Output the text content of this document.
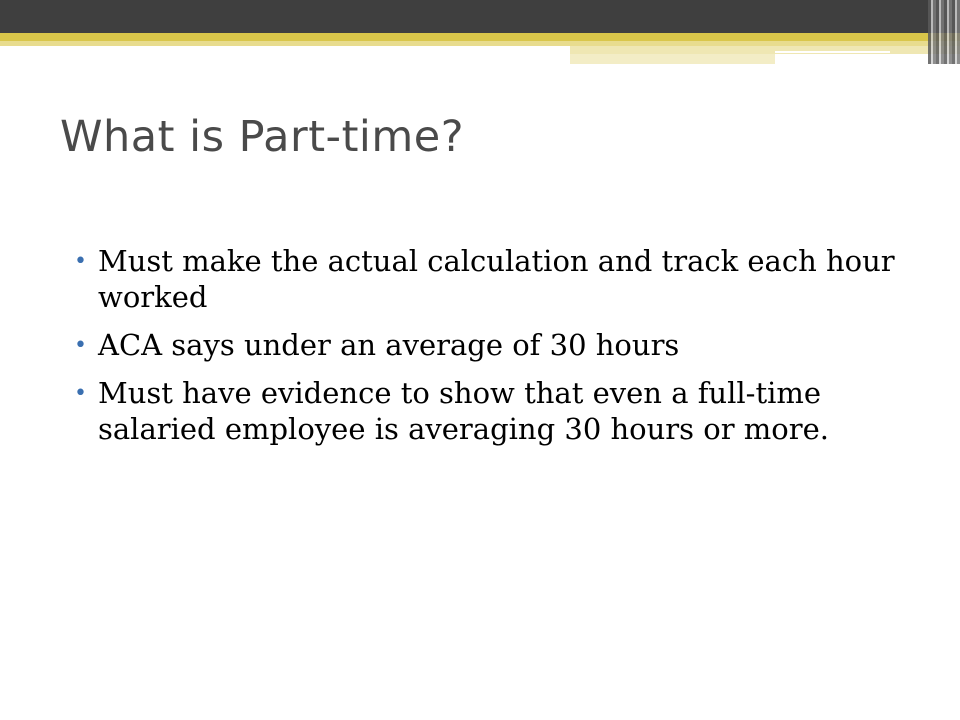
What is Part-time?
• Must make the actual calculation and track each hour worked
• ACA says under an average of 30 hours
• Must have evidence to show that even a full-time salaried employee is averaging 30 hours or more.
